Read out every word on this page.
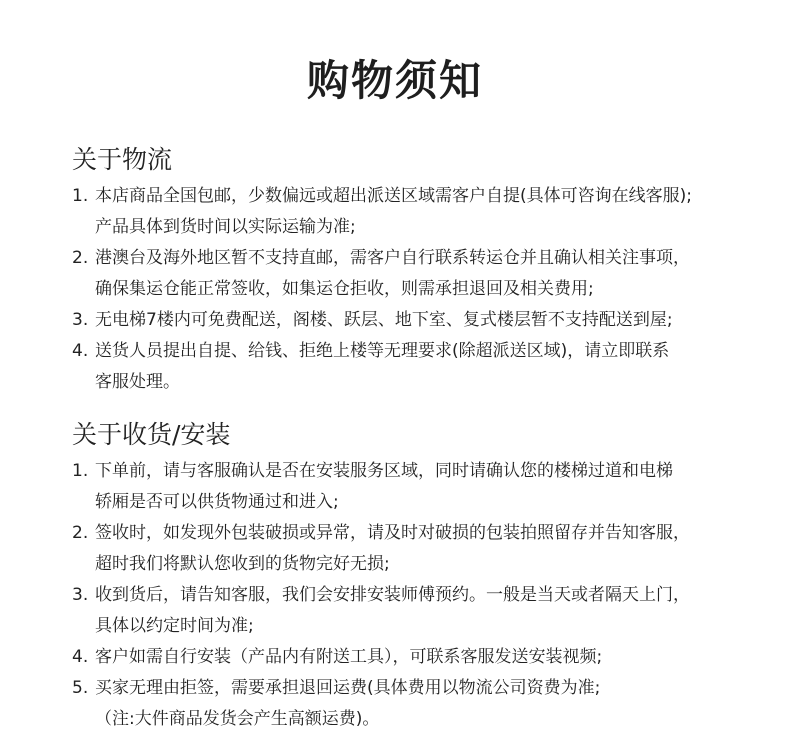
购物须知
关于物流
1. 本店商品全国包邮，少数偏远或超出派送区域需客户自提(具体可咨询在线客服);
产品具体到货时间以实际运输为准;
2. 港澳台及海外地区暂不支持直邮，需客户自行联系转运仓并且确认相关注事项，
确保集运仓能正常签收，如集运仓拒收，则需承担退回及相关费用;
3. 无电梯7楼内可免费配送，阁楼、跃层、地下室、复式楼层暂不支持配送到屋;
4. 送货人员提出自提、给钱、拒绝上楼等无理要求(除超派送区域)，请立即联系
客服处理。
关于收货/安装
1. 下单前，请与客服确认是否在安装服务区域，同时请确认您的楼梯过道和电梯
轿厢是否可以供货物通过和进入;
2. 签收时，如发现外包装破损或异常，请及时对破损的包装拍照留存并告知客服，
超时我们将默认您收到的货物完好无损;
3. 收到货后，请告知客服，我们会安排安装师傅预约。一般是当天或者隔天上门，
具体以约定时间为准;
4. 客户如需自行安装（产品内有附送工具），可联系客服发送安装视频;
5. 买家无理由拒签，需要承担退回运费(具体费用以物流公司资费为准;
（注:大件商品发货会产生高额运费)。
